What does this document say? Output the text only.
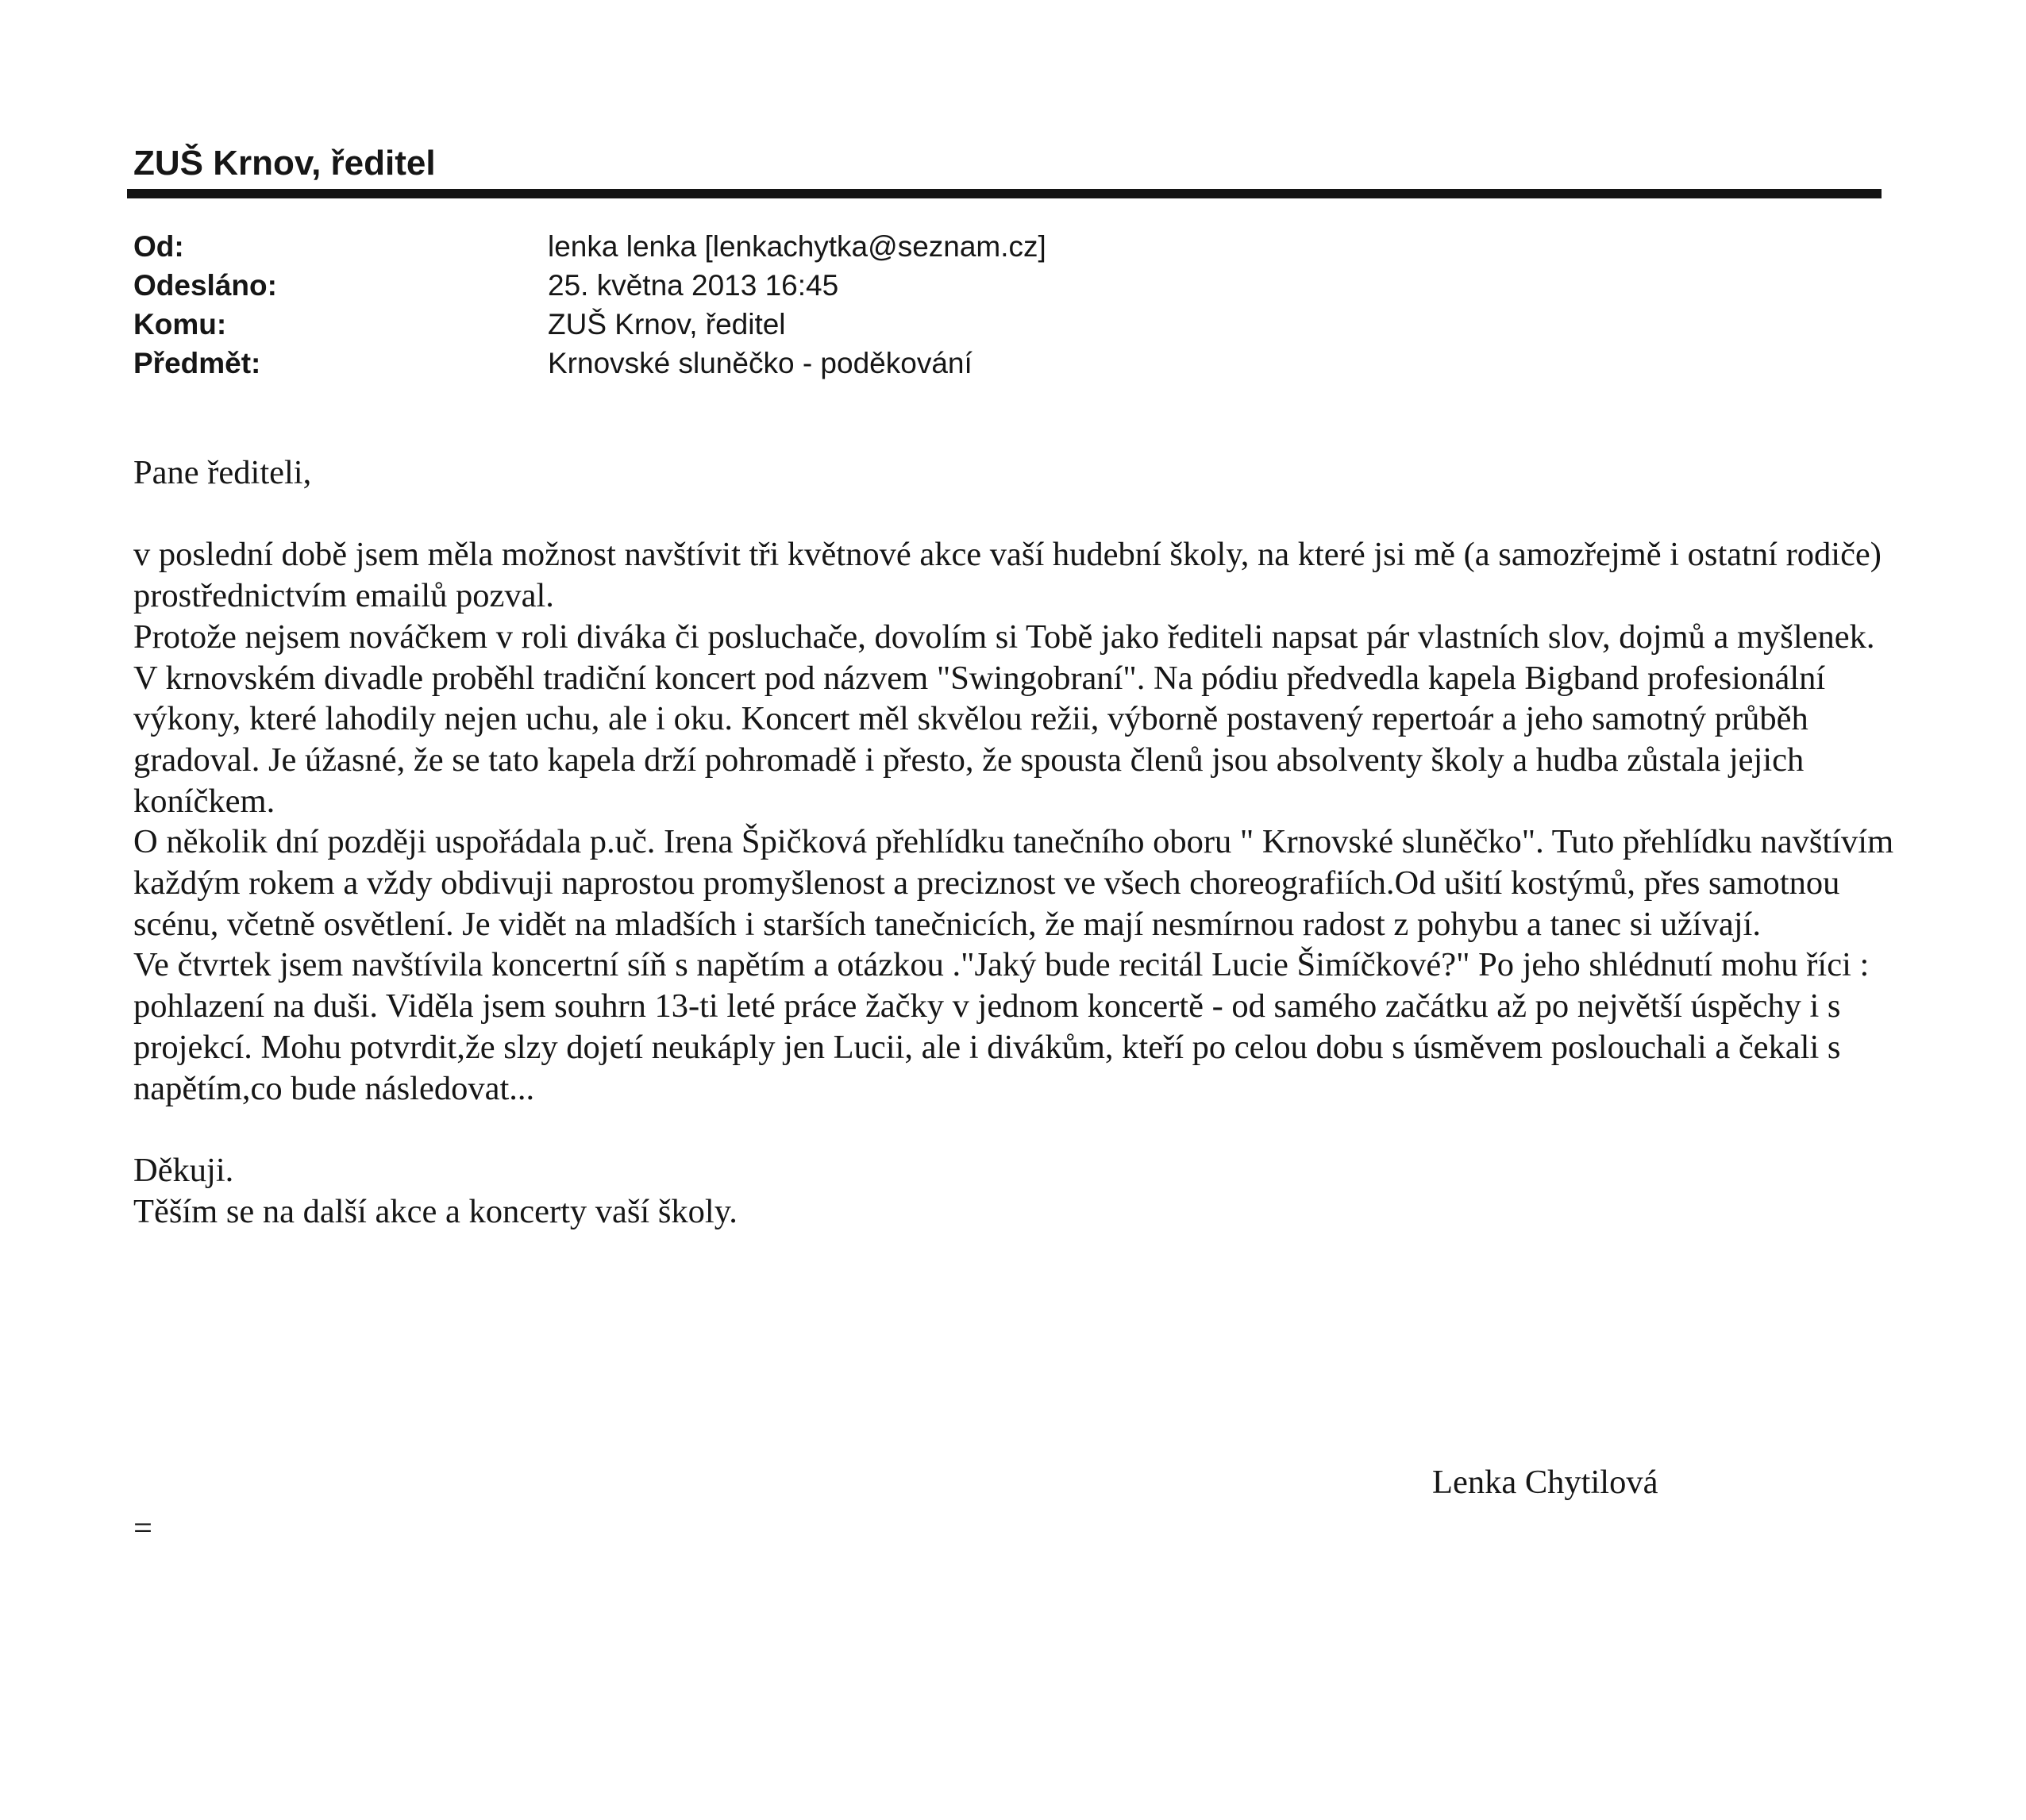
ZUŠ Krnov, ředitel
Od:	lenka lenka [lenkachytka@seznam.cz]
Odesláno:	25. května 2013 16:45
Komu:	ZUŠ Krnov, ředitel
Předmět:	Krnovské sluněčko - poděkování

Pane řediteli,

v poslední době jsem měla možnost navštívit tři květnové akce vaší hudební školy, na které jsi mě (a samozřejmě i ostatní rodiče) prostřednictvím emailů pozval.

Protože nejsem nováčkem v roli diváka či posluchače, dovolím si Tobě jako řediteli napsat pár vlastních slov, dojmů a myšlenek.

V krnovském divadle proběhl tradiční koncert pod názvem "Swingobraní". Na pódiu předvedla kapela Bigband profesionální výkony, které lahodily nejen uchu, ale i oku. Koncert měl skvělou režii, výborně postavený repertoár a jeho samotný průběh gradoval. Je úžasné, že se tato kapela drží pohromadě i přesto, že spousta členů jsou absolventy školy a hudba zůstala jejich koníčkem.

O několik dní později uspořádala p.uč. Irena Špičková přehlídku tanečního oboru " Krnovské sluněčko". Tuto přehlídku navštívím každým rokem a vždy obdivuji naprostou promyšlenost a preciznost ve všech choreografiích.Od ušití kostýmů, přes samotnou scénu, včetně osvětlení. Je vidět na mladších i starších tanečnicích, že mají nesmírnou radost z pohybu a tanec si užívají.

Ve čtvrtek jsem navštívila koncertní síň s napětím a otázkou ."Jaký bude recitál Lucie Šimíčkové?" Po jeho shlédnutí mohu říci : pohlazení na duši. Viděla jsem souhrn 13-ti leté práce žačky v jednom koncertě - od samého začátku až po největší úspěchy i s projekcí. Mohu potvrdit,že slzy dojetí neukáply jen Lucii, ale i divákům, kteří po celou dobu s úsměvem poslouchali a čekali s napětím,co bude následovat...

Děkuji.

Těším se na další akce a koncerty vaší školy.

Lenka Chytilová
=
